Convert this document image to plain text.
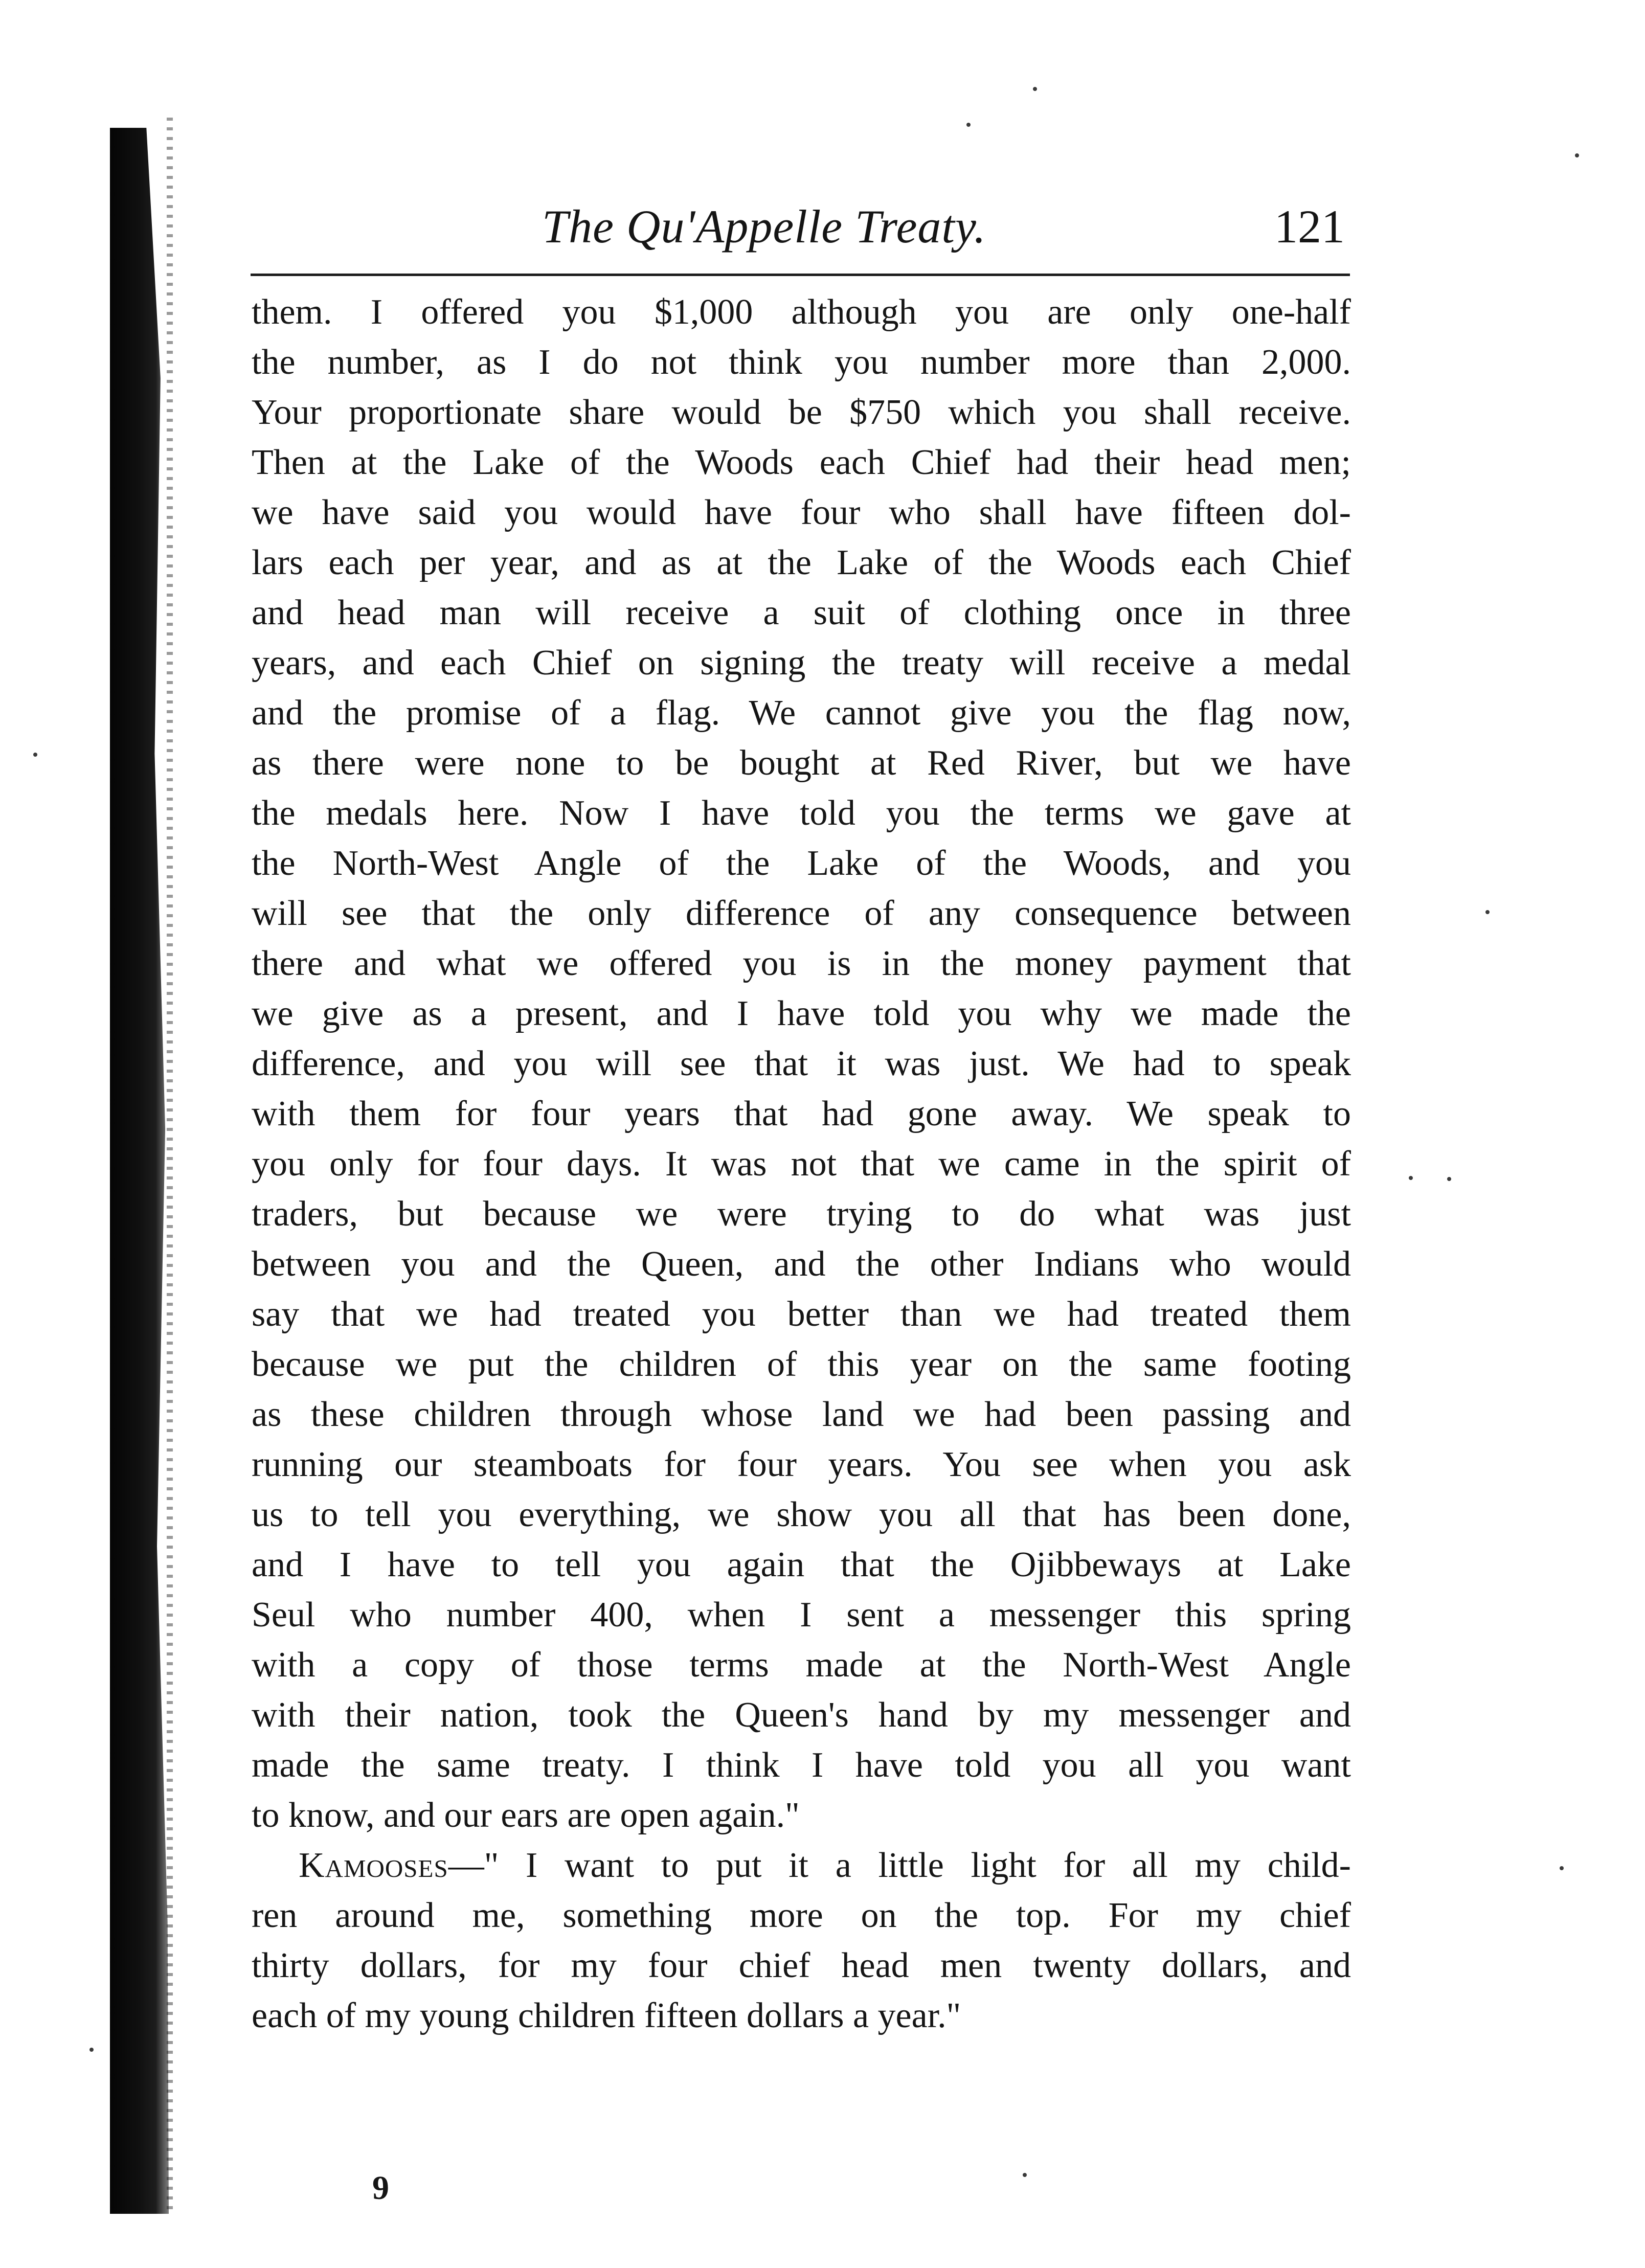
The Qu'Appelle Treaty.	121
them. I offered you $1,000 although you are only one-half
the number, as I do not think you number more than 2,000.
Your proportionate share would be $750 which you shall receive.
Then at the Lake of the Woods each Chief had their head men;
we have said you would have four who shall have fifteen dol-
lars each per year, and as at the Lake of the Woods each Chief
and head man will receive a suit of clothing once in three
years, and each Chief on signing the treaty will receive a medal
and the promise of a flag. We cannot give you the flag now,
as there were none to be bought at Red River, but we have
the medals here. Now I have told you the terms we gave at
the North-West Angle of the Lake of the Woods, and you
will see that the only difference of any consequence between
there and what we offered you is in the money payment that
we give as a present, and I have told you why we made the
difference, and you will see that it was just. We had to speak
with them for four years that had gone away. We speak to
you only for four days. It was not that we came in the spirit of
traders, but because we were trying to do what was just
between you and the Queen, and the other Indians who would
say that we had treated you better than we had treated them
because we put the children of this year on the same footing
as these children through whose land we had been passing and
running our steamboats for four years. You see when you ask
us to tell you everything, we show you all that has been done,
and I have to tell you again that the Ojibbeways at Lake
Seul who number 400, when I sent a messenger this spring
with a copy of those terms made at the North-West Angle
with their nation, took the Queen's hand by my messenger and
made the same treaty. I think I have told you all you want
to know, and our ears are open again."
Kamooses—" I want to put it a little light for all my child-
ren around me, something more on the top. For my chief
thirty dollars, for my four chief head men twenty dollars, and
each of my young children fifteen dollars a year."
9
